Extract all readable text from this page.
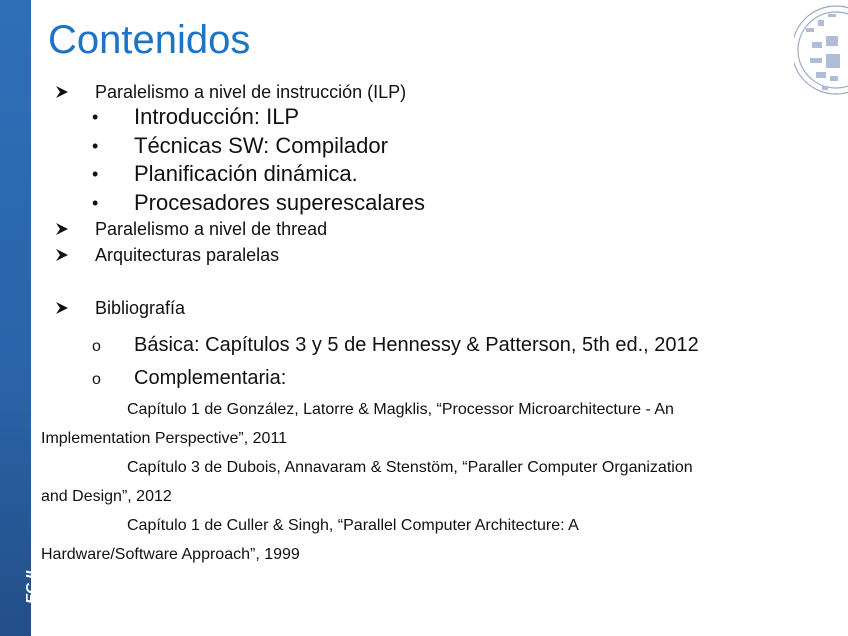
EC II
Contenidos
Paralelismo a nivel de instrucción (ILP)
• Introducción: ILP
• Técnicas SW: Compilador
• Planificación dinámica.
• Procesadores superescalares
Paralelismo a nivel de thread
Arquitecturas paralelas
Bibliografía
o Básica: Capítulos 3 y 5 de Hennessy & Patterson, 5th ed., 2012
o Complementaria:
Capítulo 1 de González, Latorre & Magklis, “Processor Microarchitecture - An
Implementation Perspective”, 2011
Capítulo 3 de Dubois, Annavaram & Stenstöm, “Paraller Computer Organization
and Design”, 2012
Capítulo 1 de Culler & Singh, “Parallel Computer Architecture: A
Hardware/Software Approach”, 1999
